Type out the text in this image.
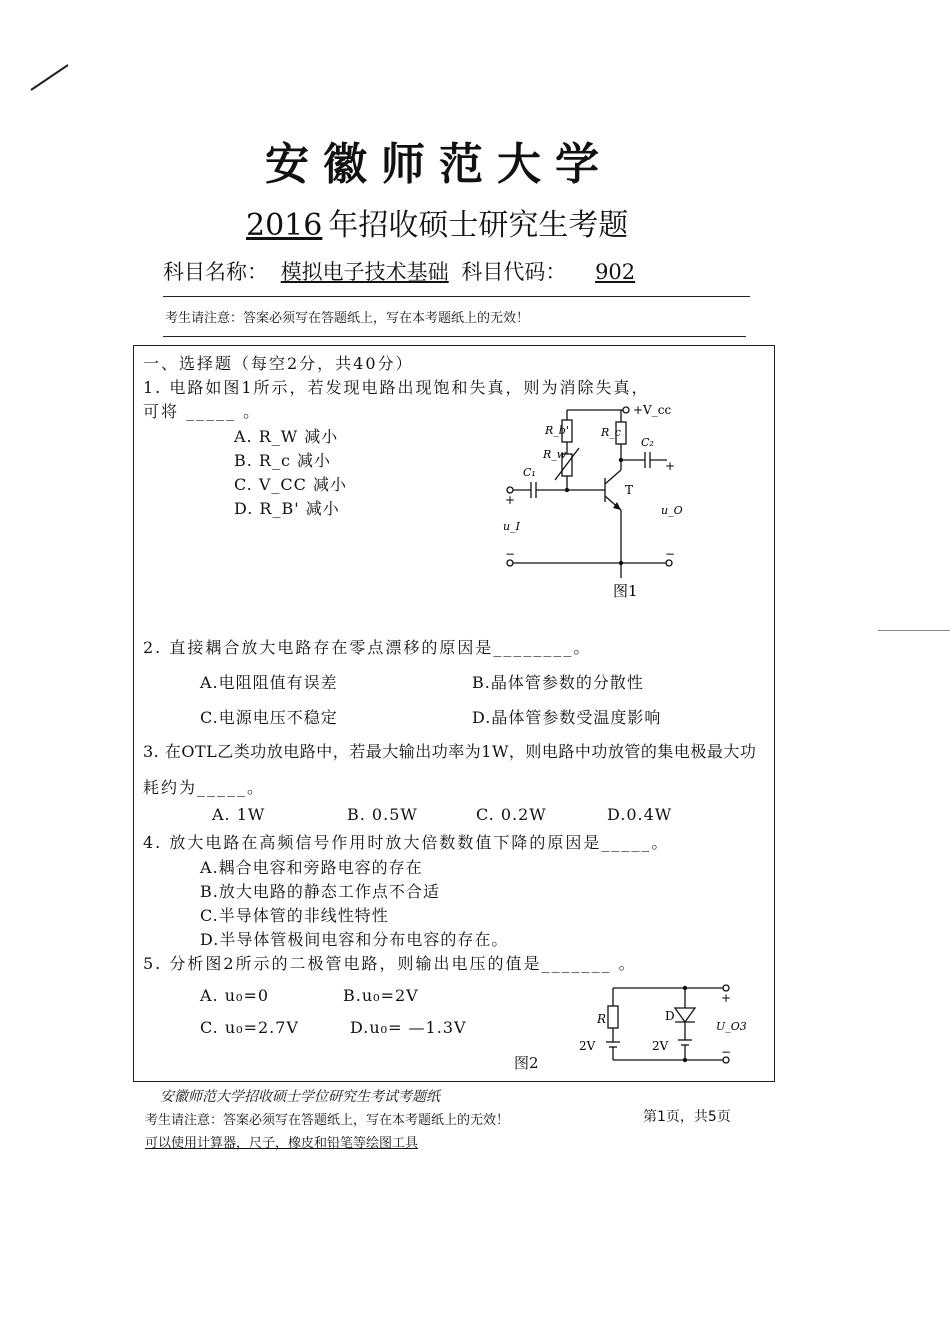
安徽师范大学
2016 年招收硕士研究生考题
科目名称： 模拟电子技术基础 科目代码： 902
考生请注意：答案必须写在答题纸上，写在本考题纸上的无效！
一、选择题（每空2分，共40分）
1. 电路如图1所示，若发现电路出现饱和失真，则为消除失真，
可将 _____ 。
A. R_W 减小
B. R_c 减小
C. V_CC 减小
D. R_B' 减小
+V_cc
R_b'	R_c
C₂
R_w
C₁
T
+
+
u_I
u_O
−	−
图1
2. 直接耦合放大电路存在零点漂移的原因是________。
A.电阻阻值有误差	B.晶体管参数的分散性
C.电源电压不稳定	D.晶体管参数受温度影响
3. 在OTL乙类功放电路中，若最大输出功率为1W，则电路中功放管的集电极最大功
耗约为_____。
A. 1W	B. 0.5W	C. 0.2W	D.0.4W
4. 放大电路在高频信号作用时放大倍数数值下降的原因是_____。
A.耦合电容和旁路电容的存在
B.放大电路的静态工作点不合适
C.半导体管的非线性特性
D.半导体管极间电容和分布电容的存在。
5. 分析图2所示的二极管电路，则输出电压的值是_______ 。
A. u₀=0	B.u₀=2V
C. u₀=2.7V	D.u₀= —1.3V
图2
R	D
U_O3
2V	2V
+
−
安徽师范大学招收硕士学位研究生考试考题纸
考生请注意：答案必须写在答题纸上，写在本考题纸上的无效！	第1页，共5页
可以使用计算器，尺子，橡皮和铅笔等绘图工具
